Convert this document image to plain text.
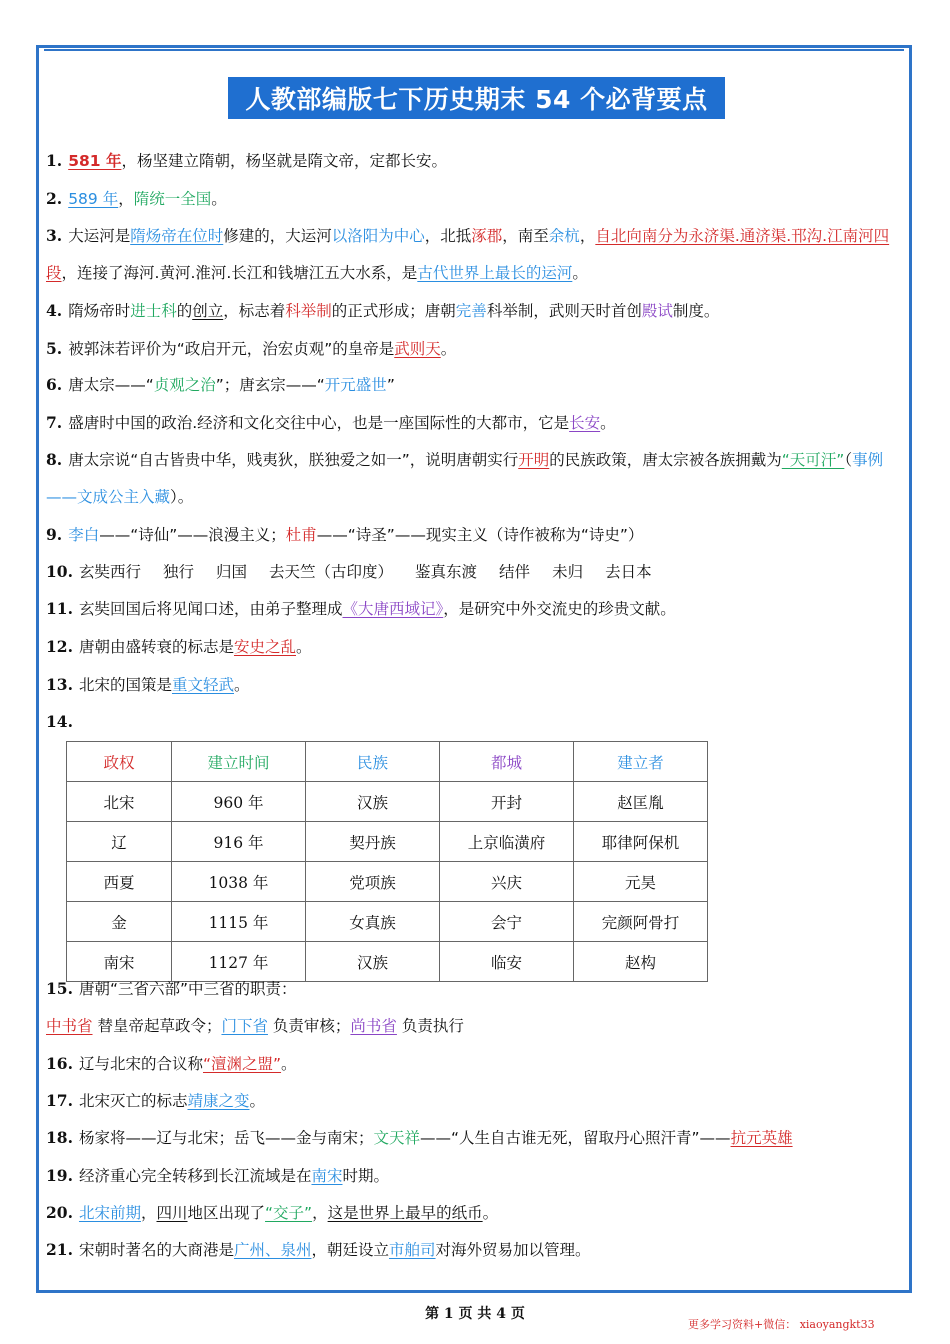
人教部编版七下历史期末 54 个必背要点
1. 581 年，杨坚建立隋朝，杨坚就是隋文帝，定都长安。
2. 589 年，隋统一全国。
3. 大运河是隋炀帝在位时修建的，大运河以洛阳为中心，北抵涿郡，南至余杭，自北向南分为永济渠.通济渠.邗沟.江南河四段，连接了海河.黄河.淮河.长江和钱塘江五大水系，是古代世界上最长的运河。
4. 隋炀帝时进士科的创立，标志着科举制的正式形成；唐朝完善科举制，武则天时首创殿试制度。
5. 被郭沫若评价为“政启开元，治宏贞观”的皇帝是武则天。
6. 唐太宗——“贞观之治”；唐玄宗——“开元盛世”
7. 盛唐时中国的政治.经济和文化交往中心，也是一座国际性的大都市，它是长安。
8. 唐太宗说“自古皆贵中华，贱夷狄，朕独爱之如一”，说明唐朝实行开明的民族政策，唐太宗被各族拥戴为“天可汗”（事例——文成公主入藏）。
9. 李白——“诗仙”——浪漫主义；杜甫——“诗圣”——现实主义（诗作被称为“诗史”）
10. 玄奘西行 独行 归国 去天竺（古印度） 鉴真东渡 结伴 未归 去日本
11. 玄奘回国后将见闻口述，由弟子整理成《大唐西域记》，是研究中外交流史的珍贵文献。
12. 唐朝由盛转衰的标志是安史之乱。
13. 北宋的国策是重文轻武。
14.
政权	建立时间	民族	都城	建立者
北宋	960 年	汉族	开封	赵匡胤
辽	916 年	契丹族	上京临潢府	耶律阿保机
西夏	1038 年	党项族	兴庆	元昊
金	1115 年	女真族	会宁	完颜阿骨打
南宋	1127 年	汉族	临安	赵构
15. 唐朝“三省六部”中三省的职责：
中书省 替皇帝起草政令；门下省 负责审核；尚书省 负责执行
16. 辽与北宋的合议称“澶渊之盟”。
17. 北宋灭亡的标志靖康之变。
18. 杨家将——辽与北宋；岳飞——金与南宋；文天祥——“人生自古谁无死，留取丹心照汗青”——抗元英雄
19. 经济重心完全转移到长江流域是在南宋时期。
20. 北宋前期，四川地区出现了“交子”，这是世界上最早的纸币。
21. 宋朝时著名的大商港是广州、泉州，朝廷设立市舶司对海外贸易加以管理。
第 1 页 共 4 页
更多学习资料+微信： xiaoyangkt33
